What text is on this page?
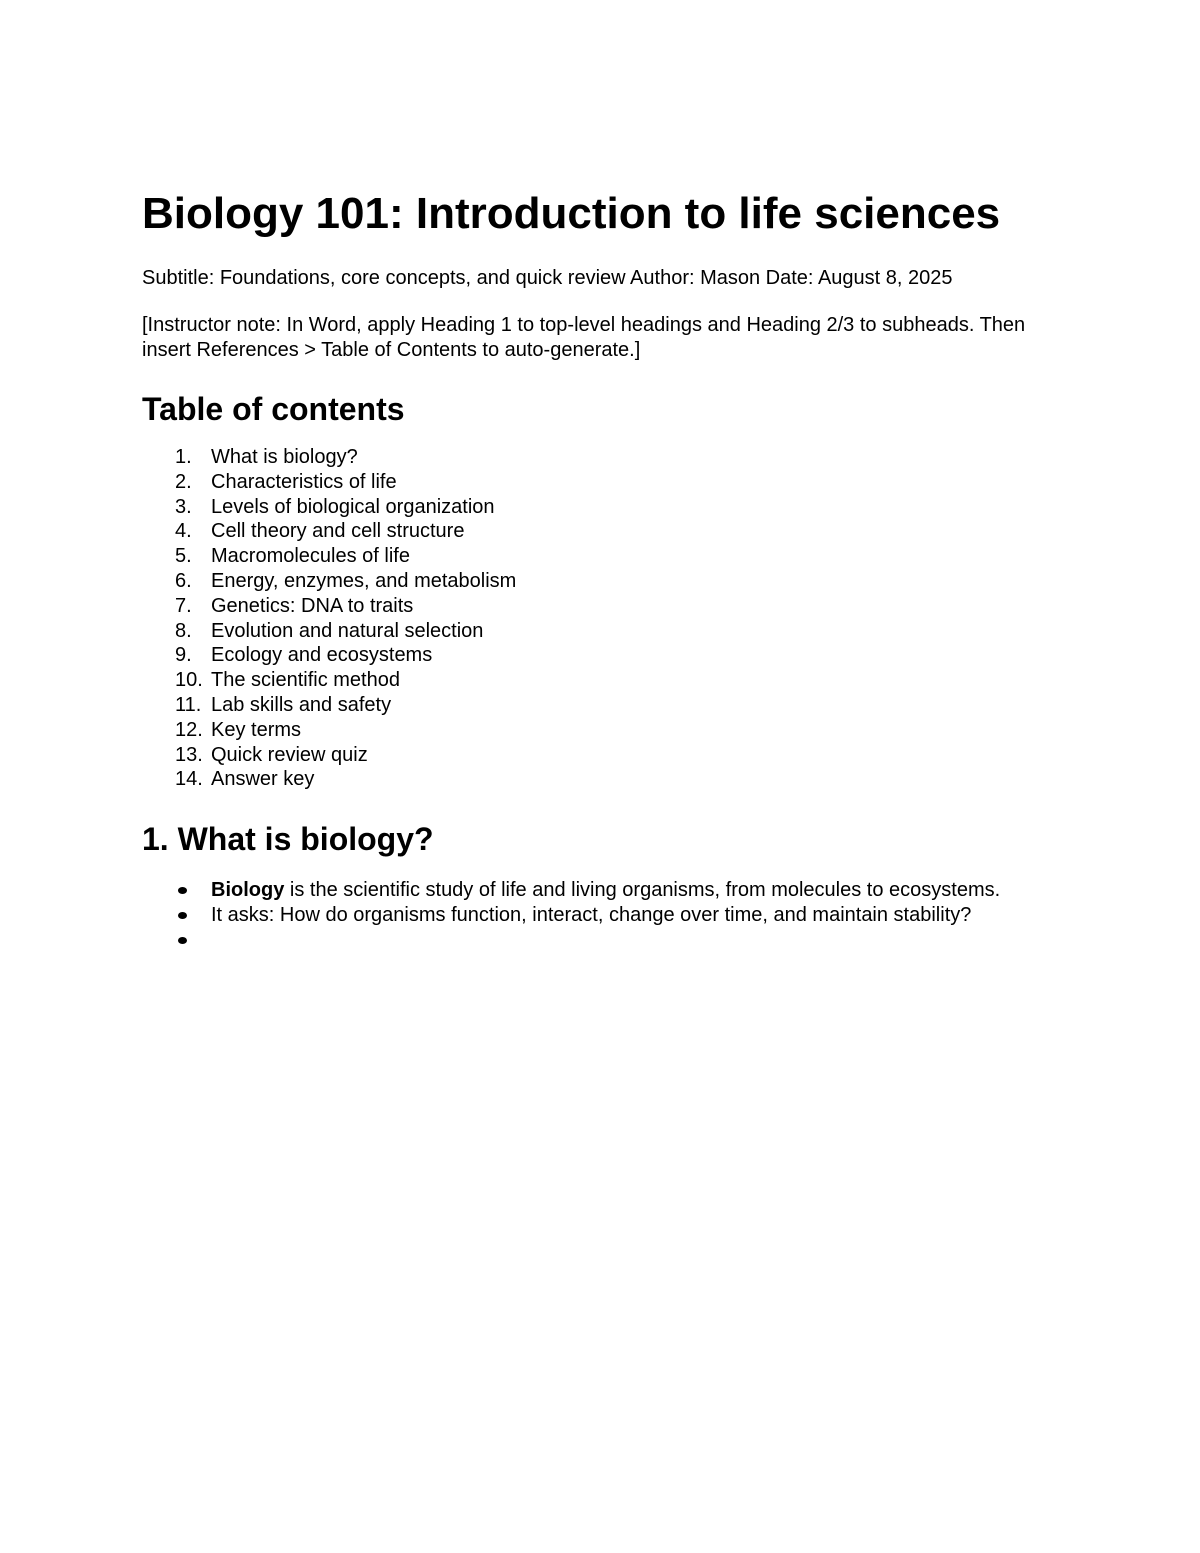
Biology 101: Introduction to life sciences

Subtitle: Foundations, core concepts, and quick review Author: Mason Date: August 8, 2025

[Instructor note: In Word, apply Heading 1 to top-level headings and Heading 2/3 to subheads. Then insert References > Table of Contents to auto-generate.]

Table of contents
1. What is biology?
2. Characteristics of life
3. Levels of biological organization
4. Cell theory and cell structure
5. Macromolecules of life
6. Energy, enzymes, and metabolism
7. Genetics: DNA to traits
8. Evolution and natural selection
9. Ecology and ecosystems
10. The scientific method
11. Lab skills and safety
12. Key terms
13. Quick review quiz
14. Answer key
1. What is biology?
Biology is the scientific study of life and living organisms, from molecules to ecosystems.
It asks: How do organisms function, interact, change over time, and maintain stability?
